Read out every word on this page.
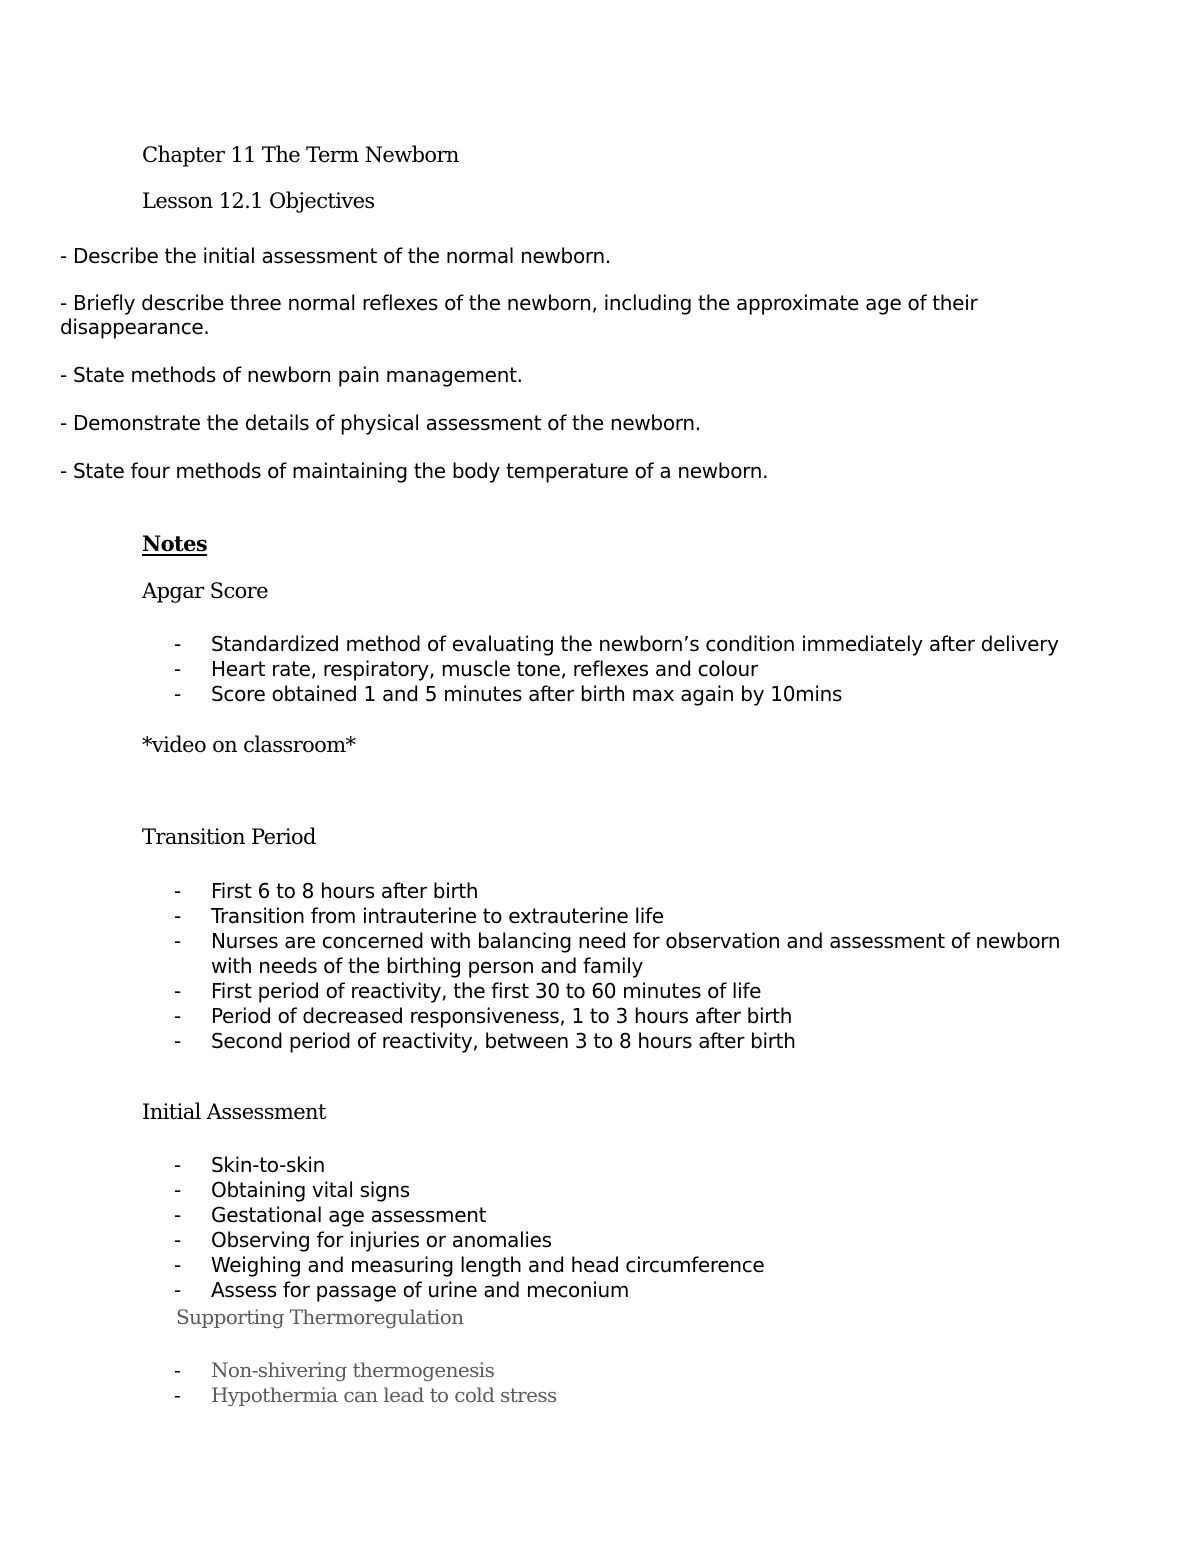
Chapter 11 The Term Newborn

Lesson 12.1 Objectives

- Describe the initial assessment of the normal newborn.

- Briefly describe three normal reflexes of the newborn, including the approximate age of their disappearance.

- State methods of newborn pain management.

- Demonstrate the details of physical assessment of the newborn.

- State four methods of maintaining the body temperature of a newborn.

Notes

Apgar Score

- Standardized method of evaluating the newborn’s condition immediately after delivery
- Heart rate, respiratory, muscle tone, reflexes and colour
- Score obtained 1 and 5 minutes after birth max again by 10mins

*video on classroom*

Transition Period

- First 6 to 8 hours after birth
- Transition from intrauterine to extrauterine life
- Nurses are concerned with balancing need for observation and assessment of newborn with needs of the birthing person and family
- First period of reactivity, the first 30 to 60 minutes of life
- Period of decreased responsiveness, 1 to 3 hours after birth
- Second period of reactivity, between 3 to 8 hours after birth

Initial Assessment

- Skin-to-skin
- Obtaining vital signs
- Gestational age assessment
- Observing for injuries or anomalies
- Weighing and measuring length and head circumference
- Assess for passage of urine and meconium

Supporting Thermoregulation

- Non-shivering thermogenesis
- Hypothermia can lead to cold stress
